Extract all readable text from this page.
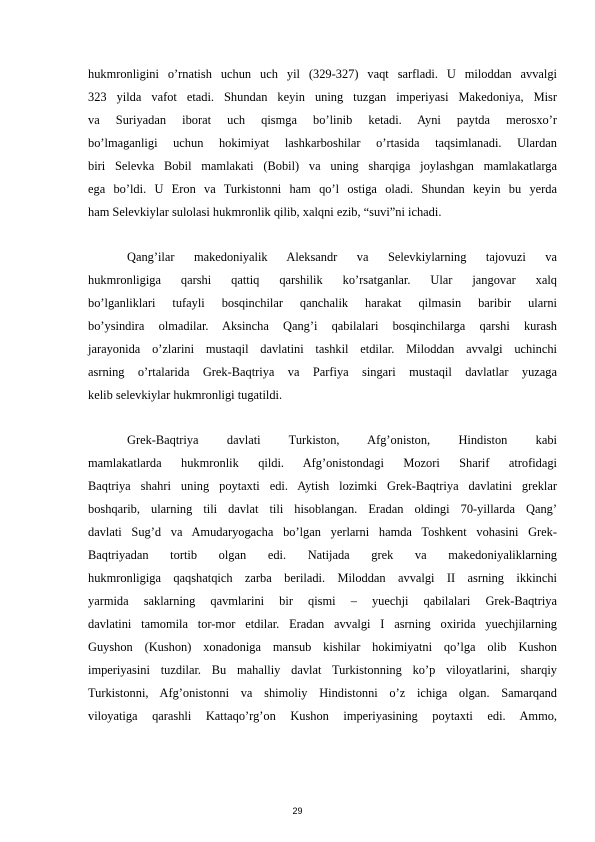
hukmronligini o’rnatish uchun uch yil (329-327) vaqt sarfladi. U miloddan avvalgi
323 yilda vafot etadi. Shundan keyin uning tuzgan imperiyasi Makedoniya, Misr
va Suriyadan iborat uch qismga bo’linib ketadi. Ayni paytda merosxo’r
bo’lmaganligi uchun hokimiyat lashkarboshilar o’rtasida taqsimlanadi. Ulardan
biri Selevka Bobil mamlakati (Bobil) va uning sharqiga joylashgan mamlakatlarga
ega bo’ldi. U Eron va Turkistonni ham qo’l ostiga oladi. Shundan keyin bu yerda
ham Selevkiylar sulolasi hukmronlik qilib, xalqni ezib, “suvi”ni ichadi.
Qang’ilar makedoniyalik Aleksandr va Selevkiylarning tajovuzi va
hukmronligiga qarshi qattiq qarshilik ko’rsatganlar. Ular jangovar xalq
bo’lganliklari tufayli bosqinchilar qanchalik harakat qilmasin baribir ularni
bo’ysindira olmadilar. Aksincha Qang’i qabilalari bosqinchilarga qarshi kurash
jarayonida o’zlarini mustaqil davlatini tashkil etdilar. Miloddan avvalgi uchinchi
asrning o’rtalarida Grek-Baqtriya va Parfiya singari mustaqil davlatlar yuzaga
kelib selevkiylar hukmronligi tugatildi.
Grek-Baqtriya davlati Turkiston, Afg’oniston, Hindiston kabi
mamlakatlarda hukmronlik qildi. Afg’onistondagi Mozori Sharif atrofidagi
Baqtriya shahri uning poytaxti edi. Aytish lozimki Grek-Baqtriya davlatini greklar
boshqarib, ularning tili davlat tili hisoblangan. Eradan oldingi 70-yillarda Qang’
davlati Sug’d va Amudaryogacha bo’lgan yerlarni hamda Toshkent vohasini Grek-
Baqtriyadan tortib olgan edi. Natijada grek va makedoniyaliklarning
hukmronligiga qaqshatqich zarba beriladi. Miloddan avvalgi II asrning ikkinchi
yarmida saklarning qavmlarini bir qismi – yuechji qabilalari Grek-Baqtriya
davlatini tamomila tor-mor etdilar. Eradan avvalgi I asrning oxirida yuechjilarning
Guyshon (Kushon) xonadoniga mansub kishilar hokimiyatni qo’lga olib Kushon
imperiyasini tuzdilar. Bu mahalliy davlat Turkistonning ko’p viloyatlarini, sharqiy
Turkistonni, Afg’onistonni va shimoliy Hindistonni o’z ichiga olgan. Samarqand
viloyatiga qarashli Kattaqo’rg’on Kushon imperiyasining poytaxti edi. Ammo,
29
